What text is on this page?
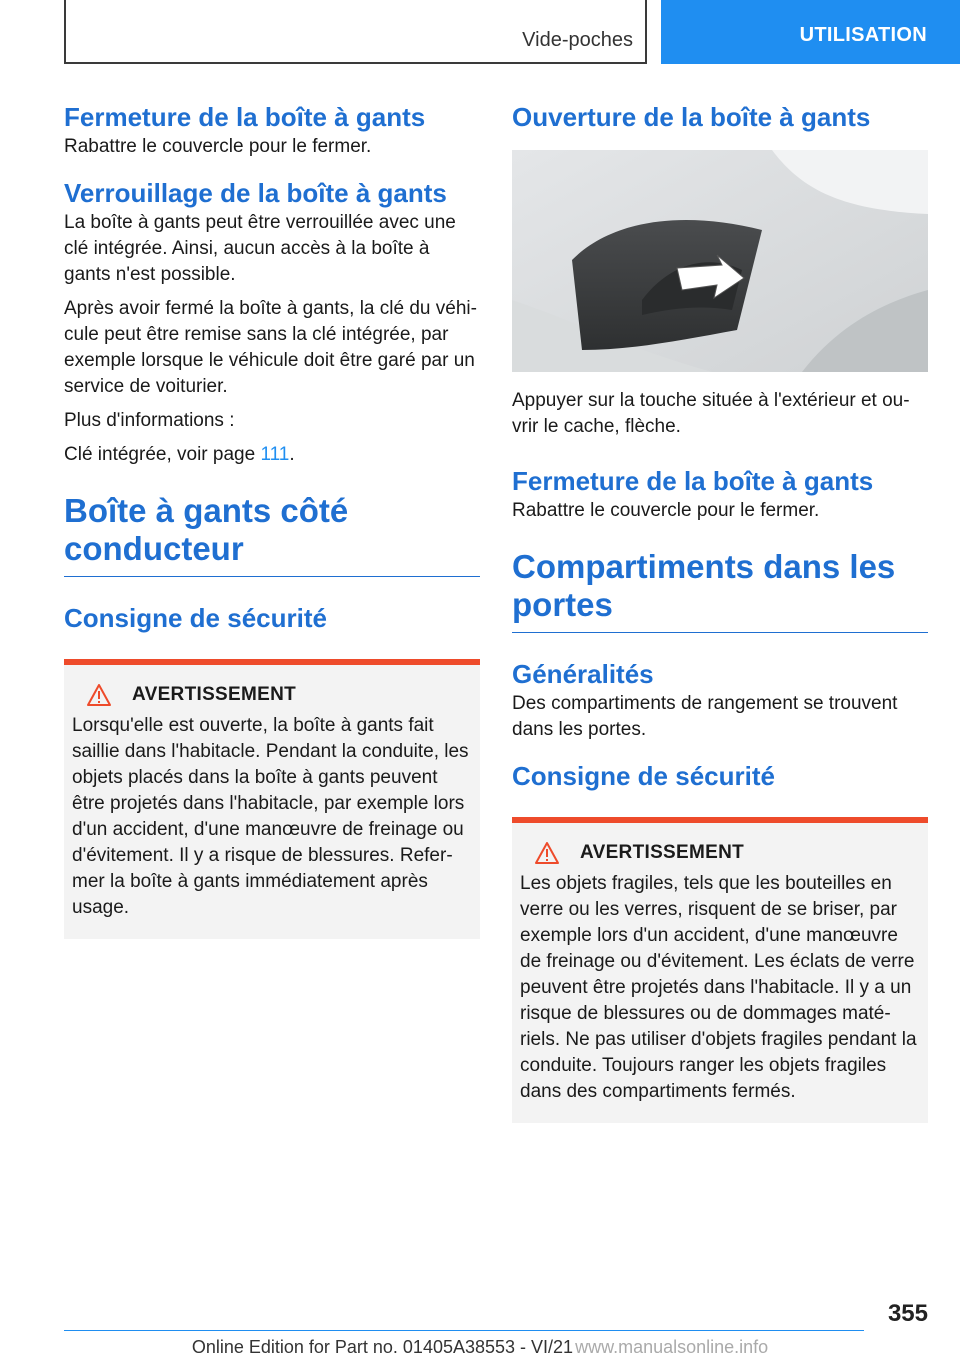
Vide-poches	UTILISATION
Fermeture de la boîte à gants

Rabattre le couvercle pour le fermer.

Verrouillage de la boîte à gants

La boîte à gants peut être verrouillée avec une clé intégrée. Ainsi, aucun accès à la boîte à gants n'est possible.

Après avoir fermé la boîte à gants, la clé du véhicule peut être remise sans la clé intégrée, par exemple lorsque le véhicule doit être garé par un service de voiturier.

Plus d'informations :

Clé intégrée, voir page 111.

Boîte à gants côté conducteur
Consigne de sécurité
AVERTISSEMENT

Lorsqu'elle est ouverte, la boîte à gants fait saillie dans l'habitacle. Pendant la conduite, les objets placés dans la boîte à gants peuvent être projetés dans l'habitacle, par exemple lors d'un accident, d'une manœuvre de freinage ou d'évitement. Il y a risque de blessures. Refermer la boîte à gants immédiatement après usage.

Ouverture de la boîte à gants

Appuyer sur la touche située à l'extérieur et ouvrir le cache, flèche.

Fermeture de la boîte à gants

Rabattre le couvercle pour le fermer.

Compartiments dans les portes
Généralités

Des compartiments de rangement se trouvent dans les portes.

Consigne de sécurité
AVERTISSEMENT

Les objets fragiles, tels que les bouteilles en verre ou les verres, risquent de se briser, par exemple lors d'un accident, d'une manœuvre de freinage ou d'évitement. Les éclats de verre peuvent être projetés dans l'habitacle. Il y a un risque de blessures ou de dommages matériels. Ne pas utiliser d'objets fragiles pendant la conduite. Toujours ranger les objets fragiles dans des compartiments fermés.

355
Online Edition for Part no. 01405A38553 - VI/21 www.manualsonline.info
